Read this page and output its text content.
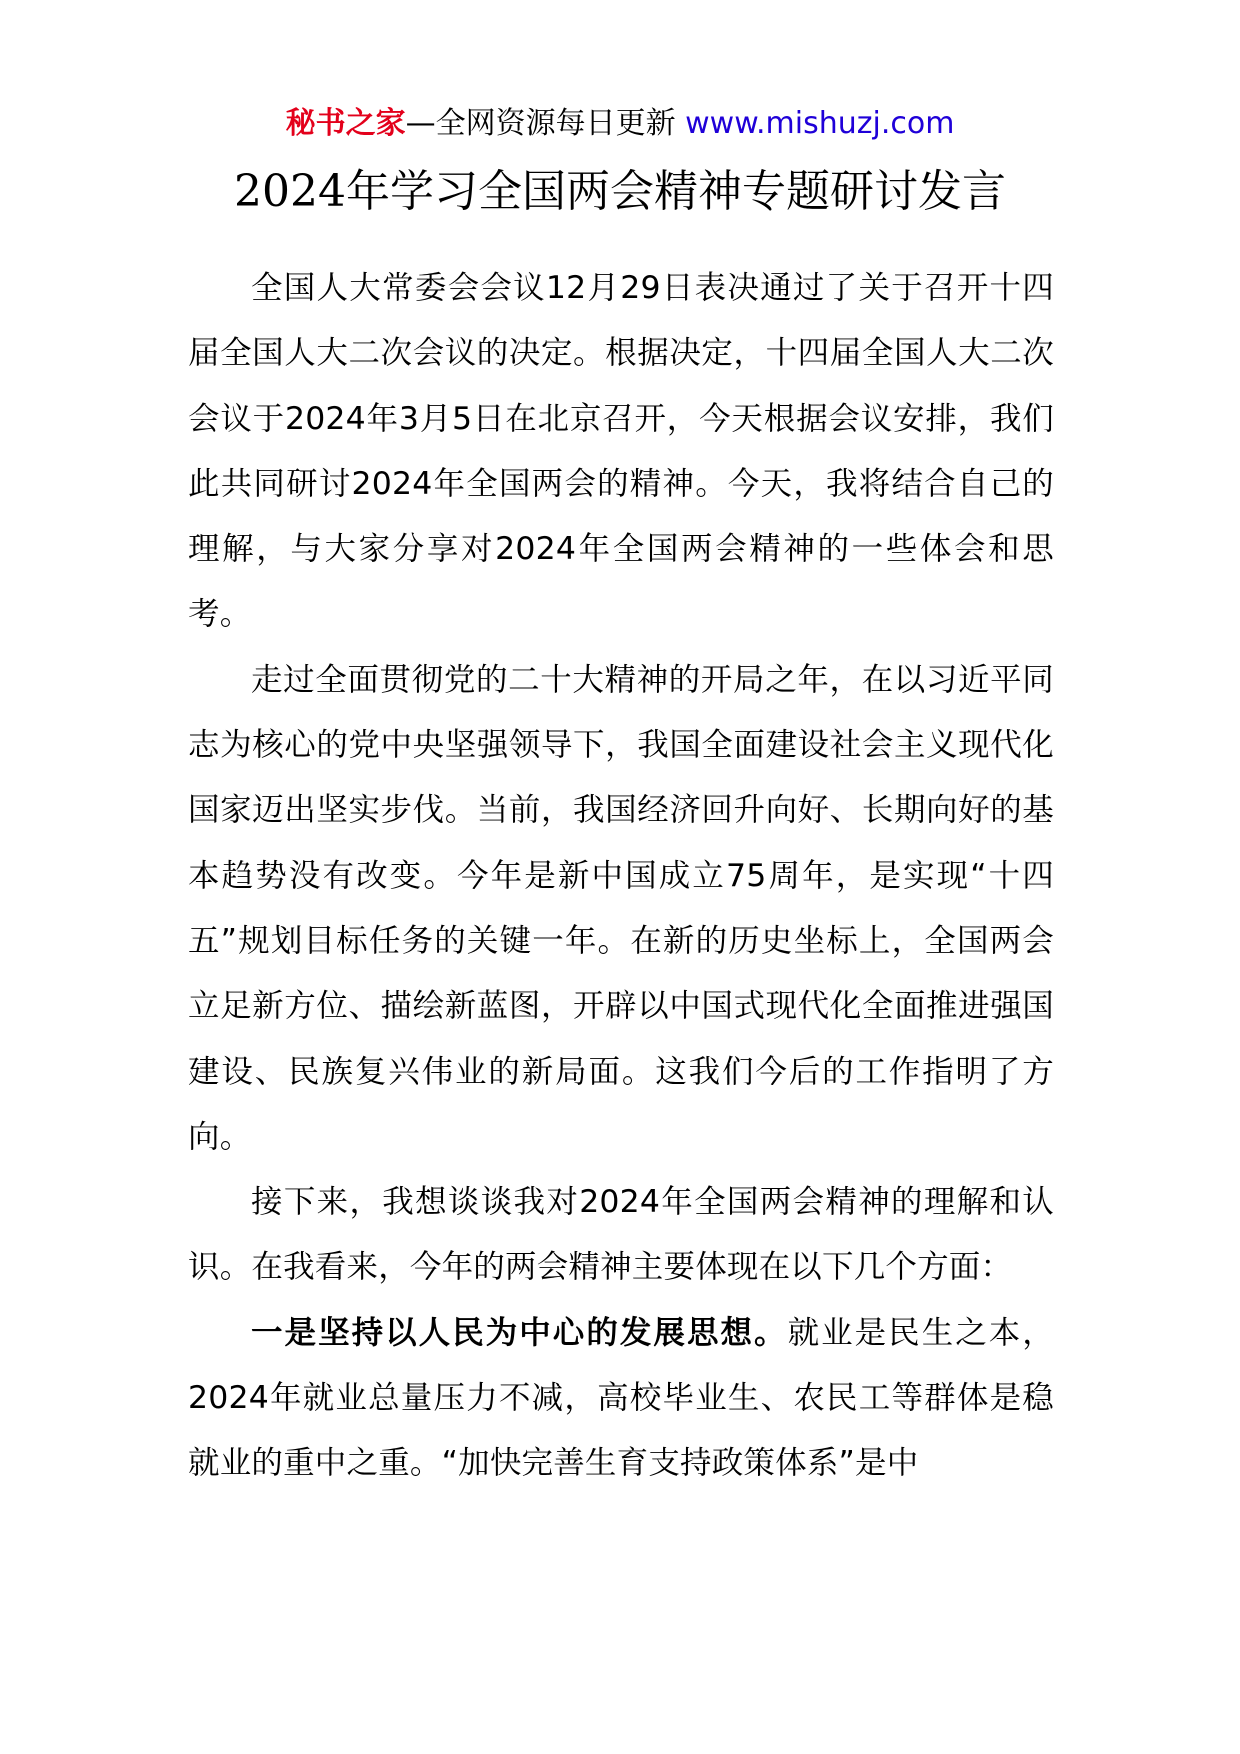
秘书之家—全网资源每日更新 www.mishuzj.com
2024年学习全国两会精神专题研讨发言

全国人大常委会会议12月29日表决通过了关于召开十四届全国人大二次会议的决定。根据决定，十四届全国人大二次会议于2024年3月5日在北京召开，今天根据会议安排，我们此共同研讨2024年全国两会的精神。今天，我将结合自己的理解，与大家分享对2024年全国两会精神的一些体会和思考。

走过全面贯彻党的二十大精神的开局之年，在以习近平同志为核心的党中央坚强领导下，我国全面建设社会主义现代化国家迈出坚实步伐。当前，我国经济回升向好、长期向好的基本趋势没有改变。今年是新中国成立75周年，是实现“十四五”规划目标任务的关键一年。在新的历史坐标上，全国两会立足新方位、描绘新蓝图，开辟以中国式现代化全面推进强国建设、民族复兴伟业的新局面。这我们今后的工作指明了方向。

接下来，我想谈谈我对2024年全国两会精神的理解和认识。在我看来，今年的两会精神主要体现在以下几个方面：

一是坚持以人民为中心的发展思想。就业是民生之本，2024年就业总量压力不减，高校毕业生、农民工等群体是稳就业的重中之重。“加快完善生育支持政策体系”是中
